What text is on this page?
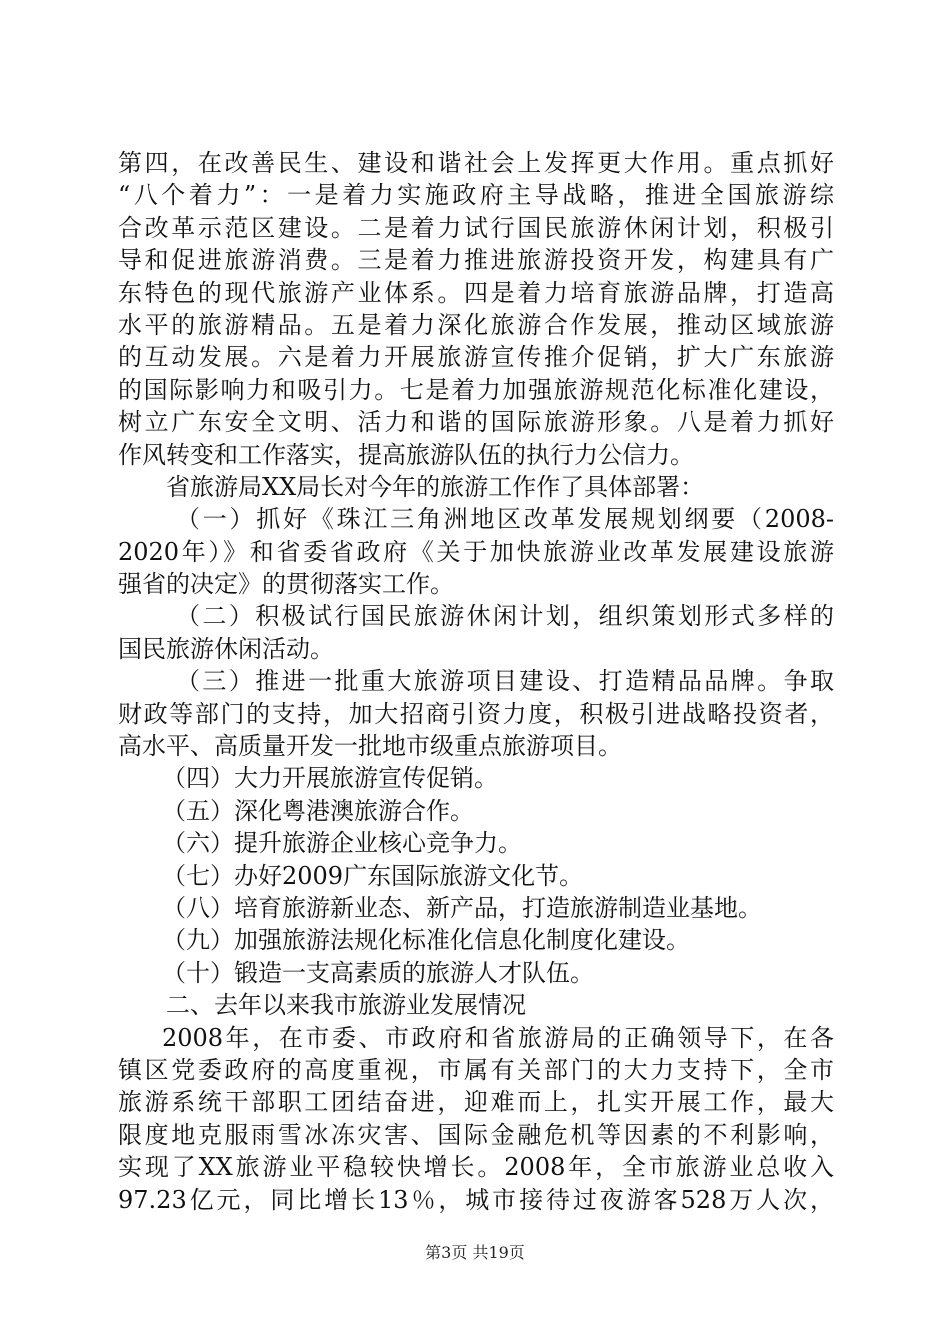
第四，在改善民生、建设和谐社会上发挥更大作用。重点抓好
“八个着力”：一是着力实施政府主导战略，推进全国旅游综
合改革示范区建设。二是着力试行国民旅游休闲计划，积极引
导和促进旅游消费。三是着力推进旅游投资开发，构建具有广
东特色的现代旅游产业体系。四是着力培育旅游品牌，打造高
水平的旅游精品。五是着力深化旅游合作发展，推动区域旅游
的互动发展。六是着力开展旅游宣传推介促销，扩大广东旅游
的国际影响力和吸引力。七是着力加强旅游规范化标准化建设，
树立广东安全文明、活力和谐的国际旅游形象。八是着力抓好
作风转变和工作落实，提高旅游队伍的执行力公信力。
省旅游局XX局长对今年的旅游工作作了具体部署：
（一）抓好《珠江三角洲地区改革发展规划纲要（2008-
2020年）》和省委省政府《关于加快旅游业改革发展建设旅游
强省的决定》的贯彻落实工作。
（二）积极试行国民旅游休闲计划，组织策划形式多样的
国民旅游休闲活动。
（三）推进一批重大旅游项目建设、打造精品品牌。争取
财政等部门的支持，加大招商引资力度，积极引进战略投资者，
高水平、高质量开发一批地市级重点旅游项目。
（四）大力开展旅游宣传促销。
（五）深化粤港澳旅游合作。
（六）提升旅游企业核心竞争力。
（七）办好2009广东国际旅游文化节。
（八）培育旅游新业态、新产品，打造旅游制造业基地。
（九）加强旅游法规化标准化信息化制度化建设。
（十）锻造一支高素质的旅游人才队伍。
二、去年以来我市旅游业发展情况
2008年，在市委、市政府和省旅游局的正确领导下，在各
镇区党委政府的高度重视，市属有关部门的大力支持下，全市
旅游系统干部职工团结奋进，迎难而上，扎实开展工作，最大
限度地克服雨雪冰冻灾害、国际金融危机等因素的不利影响，
实现了XX旅游业平稳较快增长。2008年，全市旅游业总收入
97.23亿元，同比增长13％，城市接待过夜游客528万人次，
第3页 共19页
